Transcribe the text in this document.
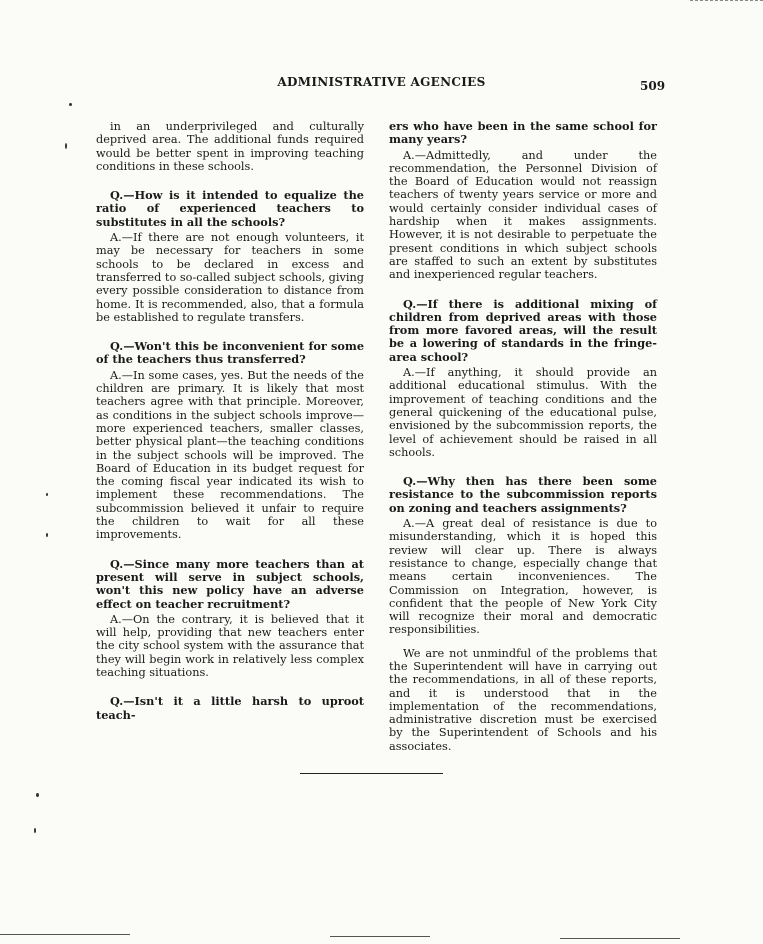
ADMINISTRATIVE AGENCIES	509

in an underprivileged and culturally deprived area. The additional funds required would be better spent in improving teaching conditions in these schools.

Q.—How is it intended to equalize the ratio of experienced teachers to substitutes in all the schools?

A.—If there are not enough volunteers, it may be necessary for teachers in some schools to be declared in excess and transferred to so-called subject schools, giving every possible consideration to distance from home. It is recommended, also, that a formula be established to regulate transfers.

Q.—Won't this be inconvenient for some of the teachers thus transferred?

A.—In some cases, yes. But the needs of the children are primary. It is likely that most teachers agree with that principle. Moreover, as conditions in the subject schools improve—more experienced teachers, smaller classes, better physical plant—the teaching conditions in the subject schools will be improved. The Board of Education in its budget request for the coming fiscal year indicated its wish to implement these recommendations. The subcommission believed it unfair to require the children to wait for all these improvements.

Q.—Since many more teachers than at present will serve in subject schools, won't this new policy have an adverse effect on teacher recruitment?

A.—On the contrary, it is believed that it will help, providing that new teachers enter the city school system with the assurance that they will begin work in relatively less complex teaching situations.

Q.—Isn't it a little harsh to uproot teach-

ers who have been in the same school for many years?

A.—Admittedly, and under the recommendation, the Personnel Division of the Board of Education would not reassign teachers of twenty years service or more and would certainly consider individual cases of hardship when it makes assignments. However, it is not desirable to perpetuate the present conditions in which subject schools are staffed to such an extent by substitutes and inexperienced regular teachers.

Q.—If there is additional mixing of children from deprived areas with those from more favored areas, will the result be a lowering of standards in the fringe-area school?

A.—If anything, it should provide an additional educational stimulus. With the improvement of teaching conditions and the general quickening of the educational pulse, envisioned by the subcommission reports, the level of achievement should be raised in all schools.

Q.—Why then has there been some resistance to the subcommission reports on zoning and teachers assignments?

A.—A great deal of resistance is due to misunderstanding, which it is hoped this review will clear up. There is always resistance to change, especially change that means certain inconveniences. The Commission on Integration, however, is confident that the people of New York City will recognize their moral and democratic responsibilities.

We are not unmindful of the problems that the Superintendent will have in carrying out the recommendations, in all of these reports, and it is understood that in the implementation of the recommendations, administrative discretion must be exercised by the Superintendent of Schools and his associates.
